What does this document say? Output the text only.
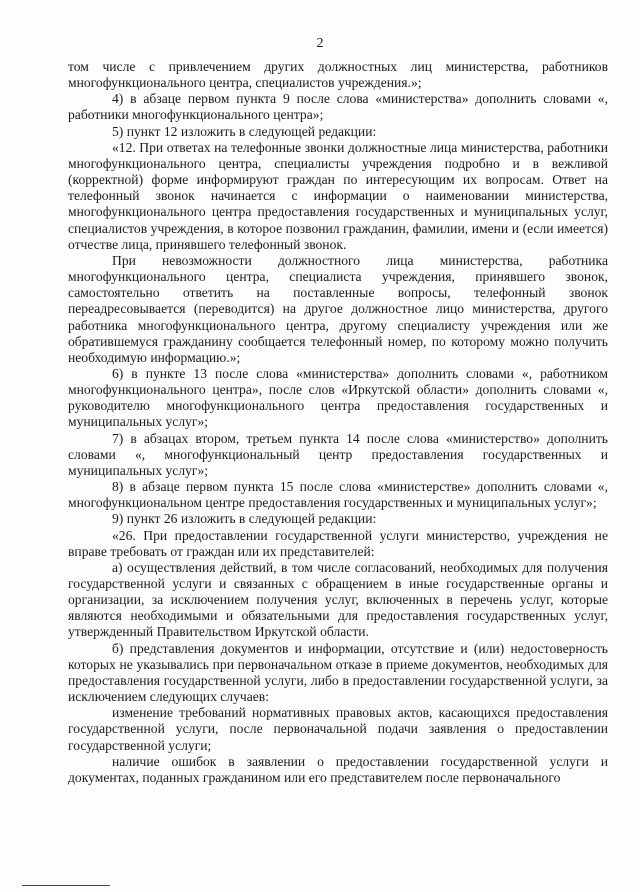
2

том числе с привлечением других должностных лиц министерства, работников многофункционального центра, специалистов учреждения.»;

4) в абзаце первом пункта 9 после слова «министерства» дополнить словами «, работники многофункционального центра»;

5) пункт 12 изложить в следующей редакции:

«12. При ответах на телефонные звонки должностные лица министерства, работники многофункционального центра, специалисты учреждения подробно и в вежливой (корректной) форме информируют граждан по интересующим их вопросам. Ответ на телефонный звонок начинается с информации о наименовании министерства, многофункционального центра предоставления государственных и муниципальных услуг, специалистов учреждения, в которое позвонил гражданин, фамилии, имени и (если имеется) отчестве лица, принявшего телефонный звонок.

При невозможности должностного лица министерства, работника многофункционального центра, специалиста учреждения, принявшего звонок, самостоятельно ответить на поставленные вопросы, телефонный звонок переадресовывается (переводится) на другое должностное лицо министерства, другого работника многофункционального центра, другому специалисту учреждения или же обратившемуся гражданину сообщается телефонный номер, по которому можно получить необходимую информацию.»;

6) в пункте 13 после слова «министерства» дополнить словами «, работником многофункционального центра», после слов «Иркутской области» дополнить словами «, руководителю многофункционального центра предоставления государственных и муниципальных услуг»;

7) в абзацах втором, третьем пункта 14 после слова «министерство» дополнить словами «, многофункциональный центр предоставления государственных и муниципальных услуг»;

8) в абзаце первом пункта 15 после слова «министерстве» дополнить словами «, многофункциональном центре предоставления государственных и муниципальных услуг»;

9) пункт 26 изложить в следующей редакции:

«26. При предоставлении государственной услуги министерство, учреждения не вправе требовать от граждан или их представителей:

а) осуществления действий, в том числе согласований, необходимых для получения государственной услуги и связанных с обращением в иные государственные органы и организации, за исключением получения услуг, включенных в перечень услуг, которые являются необходимыми и обязательными для предоставления государственных услуг, утвержденный Правительством Иркутской области.

б) представления документов и информации, отсутствие и (или) недостоверность которых не указывались при первоначальном отказе в приеме документов, необходимых для предоставления государственной услуги, либо в предоставлении государственной услуги, за исключением следующих случаев:

изменение требований нормативных правовых актов, касающихся предоставления государственной услуги, после первоначальной подачи заявления о предоставлении государственной услуги;

наличие ошибок в заявлении о предоставлении государственной услуги и документах, поданных гражданином или его представителем после первоначального
